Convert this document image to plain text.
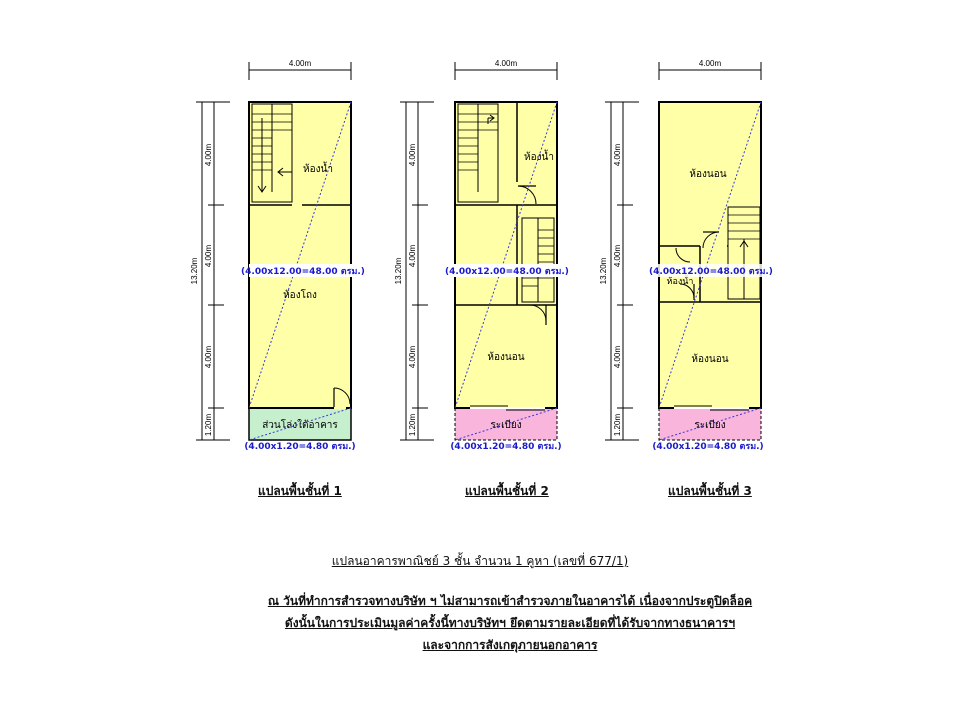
4.00m
13.20m
4.00m
4.00m
4.00m
1.20m
ห้องน้ำ
ห้องโถง
ส่วนโล่งใต้อาคาร
(4.00x12.00=48.00 ตรม.)
(4.00x1.20=4.80 ตรม.)
4.00m
13.20m
4.00m
4.00m
4.00m
1.20m
ห้องน้ำ
ห้องนอน
ระเบียง
(4.00x12.00=48.00 ตรม.)
(4.00x1.20=4.80 ตรม.)
4.00m
13.20m
4.00m
4.00m
4.00m
1.20m
ห้องนอน
ห้องน้ำ
ห้องนอน
ระเบียง
(4.00x12.00=48.00 ตรม.)
(4.00x1.20=4.80 ตรม.)
แปลนพื้นชั้นที่ 1	แปลนพื้นชั้นที่ 2	แปลนพื้นชั้นที่ 3
แปลนอาคารพาณิชย์ 3 ชั้น จำนวน 1 คูหา (เลขที่ 677/1)
ณ วันที่ทำการสำรวจทางบริษัท ฯ ไม่สามารถเข้าสำรวจภายในอาคารได้ เนื่องจากประตูปิดล็อค
ดังนั้นในการประเมินมูลค่าครั้งนี้ทางบริษัทฯ ยึดตามรายละเอียดที่ได้รับจากทางธนาคารฯ
และจากการสังเกตุภายนอกอาคาร
